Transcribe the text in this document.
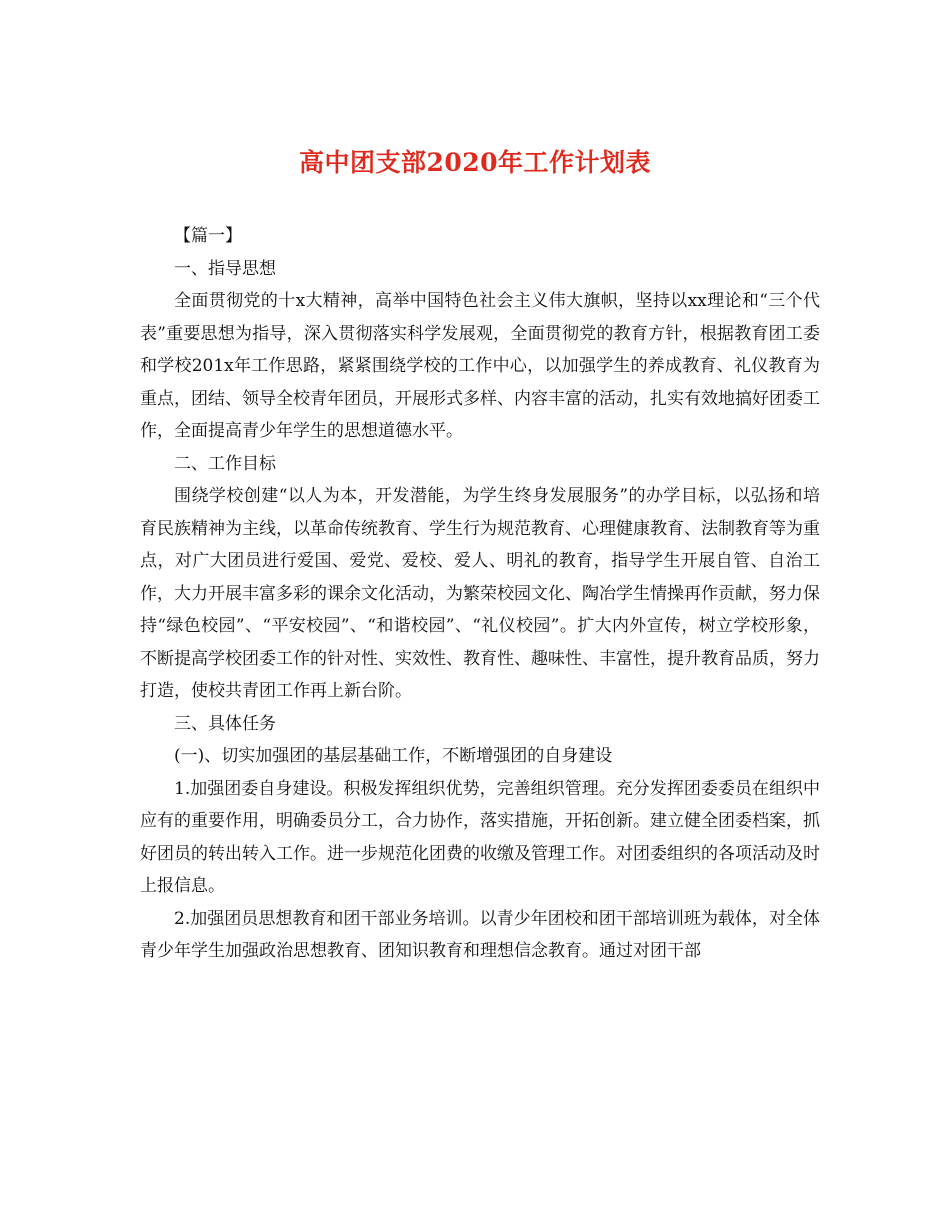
高中团支部2020年工作计划表

【篇一】

一、指导思想

全面贯彻党的十x大精神，高举中国特色社会主义伟大旗帜，坚持以xx理论和“三个代表”重要思想为指导，深入贯彻落实科学发展观，全面贯彻党的教育方针，根据教育团工委和学校201x年工作思路，紧紧围绕学校的工作中心，以加强学生的养成教育、礼仪教育为重点，团结、领导全校青年团员，开展形式多样、内容丰富的活动，扎实有效地搞好团委工作，全面提高青少年学生的思想道德水平。

二、工作目标

围绕学校创建“以人为本，开发潜能，为学生终身发展服务”的办学目标，以弘扬和培育民族精神为主线，以革命传统教育、学生行为规范教育、心理健康教育、法制教育等为重点，对广大团员进行爱国、爱党、爱校、爱人、明礼的教育，指导学生开展自管、自治工作，大力开展丰富多彩的课余文化活动，为繁荣校园文化、陶冶学生情操再作贡献，努力保持“绿色校园”、“平安校园”、“和谐校园”、“礼仪校园”。扩大内外宣传，树立学校形象，不断提高学校团委工作的针对性、实效性、教育性、趣味性、丰富性，提升教育品质，努力打造，使校共青团工作再上新台阶。

三、具体任务

(一)、切实加强团的基层基础工作，不断增强团的自身建设

1.加强团委自身建设。积极发挥组织优势，完善组织管理。充分发挥团委委员在组织中应有的重要作用，明确委员分工，合力协作，落实措施，开拓创新。建立健全团委档案，抓好团员的转出转入工作。进一步规范化团费的收缴及管理工作。对团委组织的各项活动及时上报信息。

2.加强团员思想教育和团干部业务培训。以青少年团校和团干部培训班为载体，对全体青少年学生加强政治思想教育、团知识教育和理想信念教育。通过对团干部
